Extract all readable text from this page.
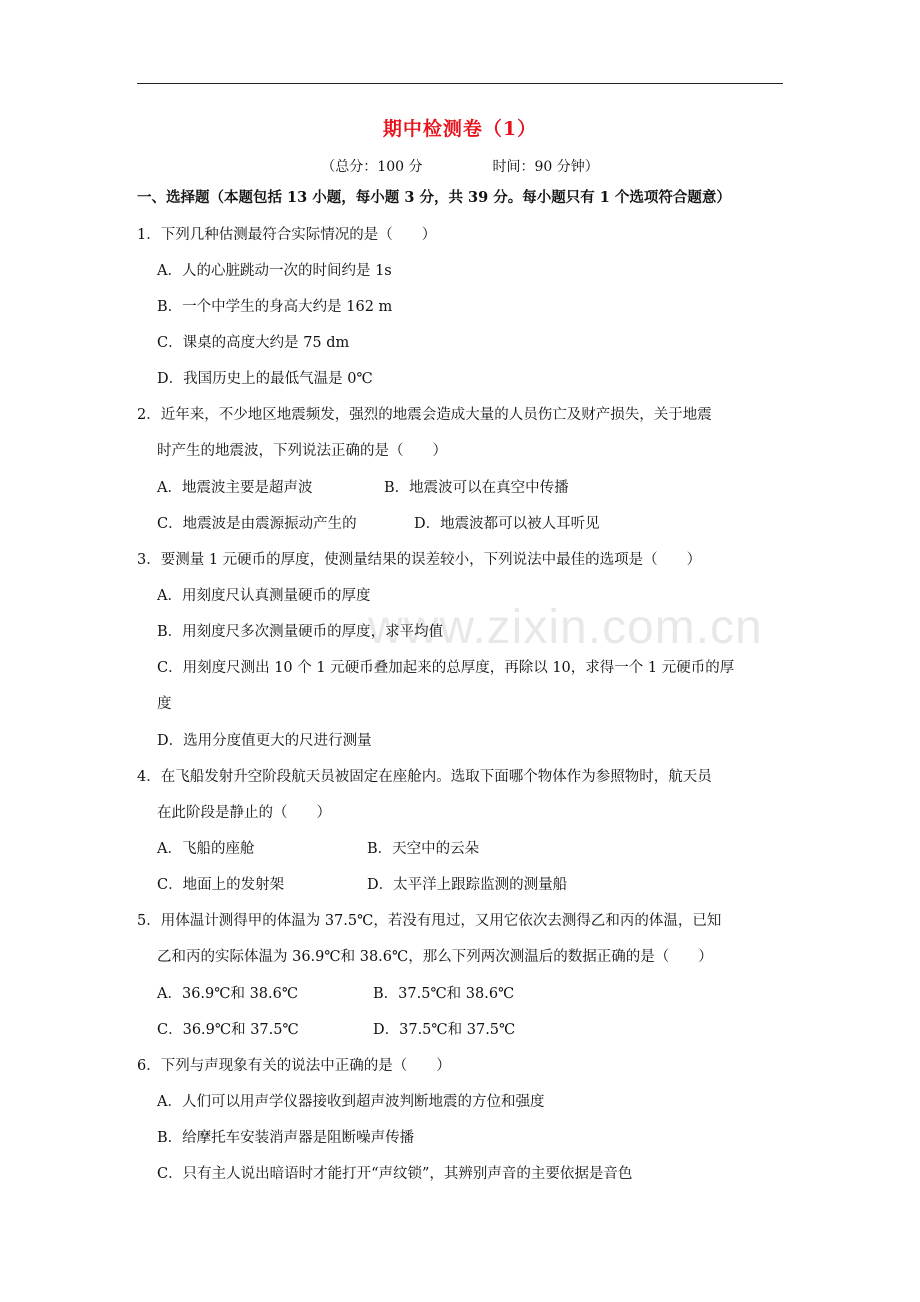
期中检测卷（1）
（总分：100 分	时间：90 分钟）
一、选择题（本题包括 13 小题，每小题 3 分，共 39 分。每小题只有 1 个选项符合题意）
1．下列几种估测最符合实际情况的是（　　）
A．人的心脏跳动一次的时间约是 1s
B．一个中学生的身高大约是 162 m
C．课桌的高度大约是 75 dm
D．我国历史上的最低气温是 0℃
2．近年来，不少地区地震频发，强烈的地震会造成大量的人员伤亡及财产损失，关于地震
时产生的地震波，下列说法正确的是（　　）
A．地震波主要是超声波	B．地震波可以在真空中传播
C．地震波是由震源振动产生的	D．地震波都可以被人耳听见
3．要测量 1 元硬币的厚度，使测量结果的误差较小，下列说法中最佳的选项是（　　）
A．用刻度尺认真测量硬币的厚度
B．用刻度尺多次测量硬币的厚度，求平均值
C．用刻度尺测出 10 个 1 元硬币叠加起来的总厚度，再除以 10，求得一个 1 元硬币的厚
度
D．选用分度值更大的尺进行测量
4．在飞船发射升空阶段航天员被固定在座舱内。选取下面哪个物体作为参照物时，航天员
在此阶段是静止的（　　）
A．飞船的座舱	B．天空中的云朵
C．地面上的发射架	D．太平洋上跟踪监测的测量船
5．用体温计测得甲的体温为 37.5℃，若没有甩过，又用它依次去测得乙和丙的体温，已知
乙和丙的实际体温为 36.9℃和 38.6℃，那么下列两次测温后的数据正确的是（　　）
A．36.9℃和 38.6℃	B．37.5℃和 38.6℃
C．36.9℃和 37.5℃	D．37.5℃和 37.5℃
6．下列与声现象有关的说法中正确的是（　　）
A．人们可以用声学仪器接收到超声波判断地震的方位和强度
B．给摩托车安装消声器是阻断噪声传播
C．只有主人说出暗语时才能打开“声纹锁”，其辨别声音的主要依据是音色
www.zixin.com.cn
